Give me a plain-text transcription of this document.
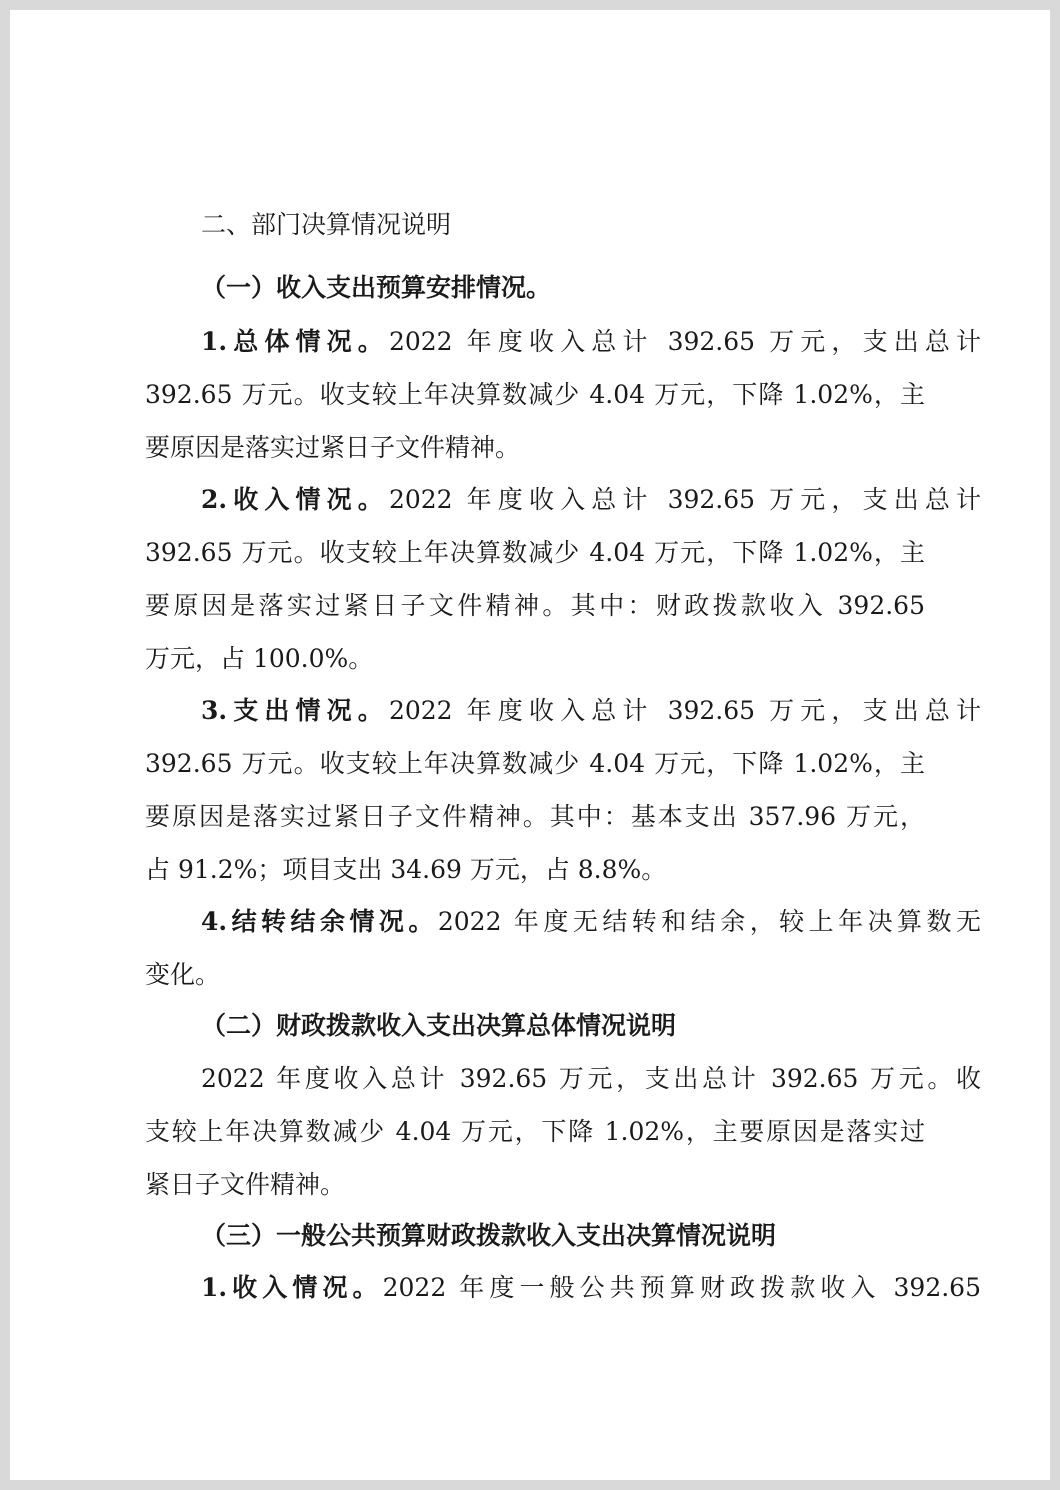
二、部门决算情况说明
（一）收入支出预算安排情况。
1.总体情况。2022 年度收入总计 392.65 万元，支出总计
392.65 万元。收支较上年决算数减少 4.04 万元，下降 1.02%，主
要原因是落实过紧日子文件精神。
2.收入情况。2022 年度收入总计 392.65 万元，支出总计
392.65 万元。收支较上年决算数减少 4.04 万元，下降 1.02%，主
要原因是落实过紧日子文件精神。其中：财政拨款收入 392.65
万元，占 100.0%。
3.支出情况。2022 年度收入总计 392.65 万元，支出总计
392.65 万元。收支较上年决算数减少 4.04 万元，下降 1.02%，主
要原因是落实过紧日子文件精神。其中：基本支出 357.96 万元，
占 91.2%；项目支出 34.69 万元，占 8.8%。
4.结转结余情况。2022 年度无结转和结余，较上年决算数无
变化。
（二）财政拨款收入支出决算总体情况说明
2022 年度收入总计 392.65 万元，支出总计 392.65 万元。收
支较上年决算数减少 4.04 万元，下降 1.02%，主要原因是落实过
紧日子文件精神。
（三）一般公共预算财政拨款收入支出决算情况说明
1.收入情况。2022 年度一般公共预算财政拨款收入 392.65
